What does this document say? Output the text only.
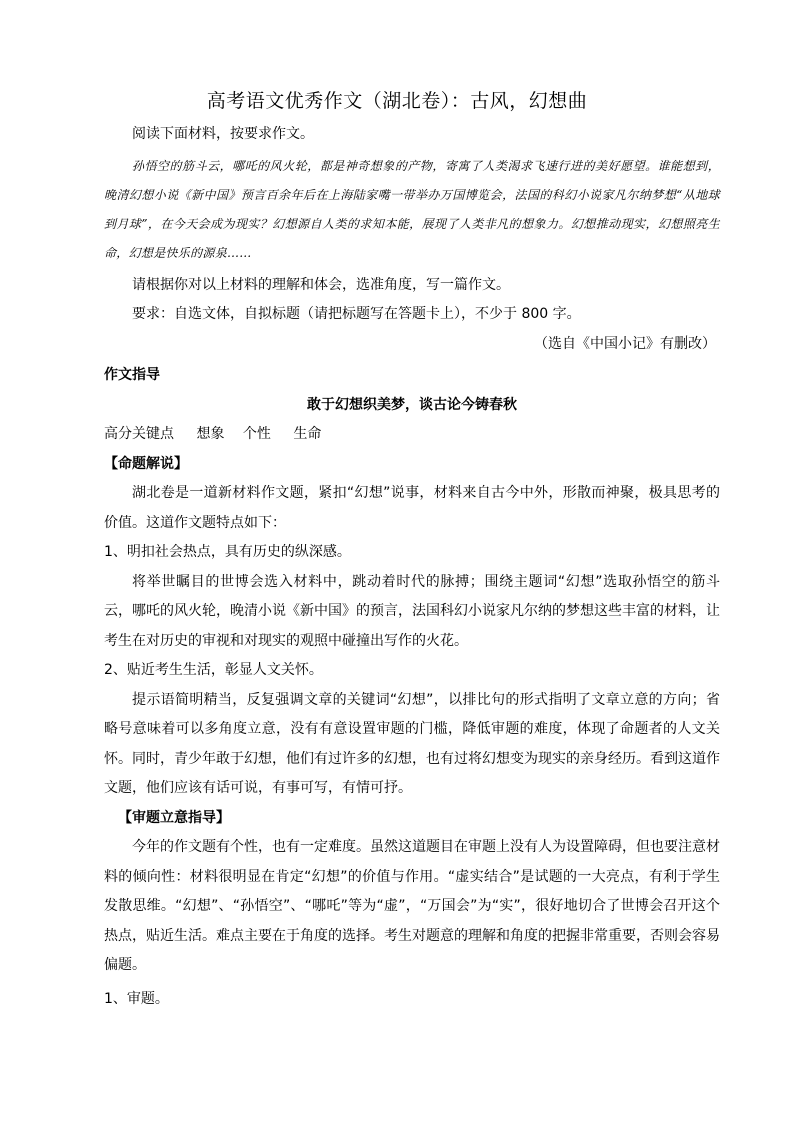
高考语文优秀作文（湖北卷）：古风，幻想曲

阅读下面材料，按要求作文。

孙悟空的筋斗云，哪吒的风火轮，都是神奇想象的产物，寄寓了人类渴求飞速行进的美好愿望。谁能想到，晚清幻想小说《新中国》预言百余年后在上海陆家嘴一带举办万国博览会，法国的科幻小说家凡尔纳梦想“从地球到月球”，在今天会成为现实？幻想源自人类的求知本能，展现了人类非凡的想象力。幻想推动现实，幻想照亮生命，幻想是快乐的源泉……

请根据你对以上材料的理解和体会，选准角度，写一篇作文。

要求：自选文体，自拟标题（请把标题写在答题卡上），不少于 800 字。

（选自《中国小记》有删改）

作文指导

敢于幻想织美梦，谈古论今铸春秋

高分关键点 想象 个性 生命

【命题解说】

湖北卷是一道新材料作文题，紧扣“幻想”说事，材料来自古今中外，形散而神聚，极具思考的价值。这道作文题特点如下：

1、明扣社会热点，具有历史的纵深感。

将举世瞩目的世博会选入材料中，跳动着时代的脉搏；围绕主题词“幻想”选取孙悟空的筋斗云，哪吒的风火轮，晚清小说《新中国》的预言，法国科幻小说家凡尔纳的梦想这些丰富的材料，让考生在对历史的审视和对现实的观照中碰撞出写作的火花。

2、贴近考生生活，彰显人文关怀。

提示语简明精当，反复强调文章的关键词“幻想”，以排比句的形式指明了文章立意的方向；省略号意味着可以多角度立意，没有有意设置审题的门槛，降低审题的难度，体现了命题者的人文关怀。同时，青少年敢于幻想，他们有过许多的幻想，也有过将幻想变为现实的亲身经历。看到这道作文题，他们应该有话可说，有事可写，有情可抒。

【审题立意指导】

今年的作文题有个性，也有一定难度。虽然这道题目在审题上没有人为设置障碍，但也要注意材料的倾向性：材料很明显在肯定“幻想”的价值与作用。“虚实结合”是试题的一大亮点，有利于学生发散思维。“幻想”、“孙悟空”、“哪吒”等为“虚”，“万国会”为“实”，很好地切合了世博会召开这个热点，贴近生活。难点主要在于角度的选择。考生对题意的理解和角度的把握非常重要，否则会容易偏题。

1、审题。
